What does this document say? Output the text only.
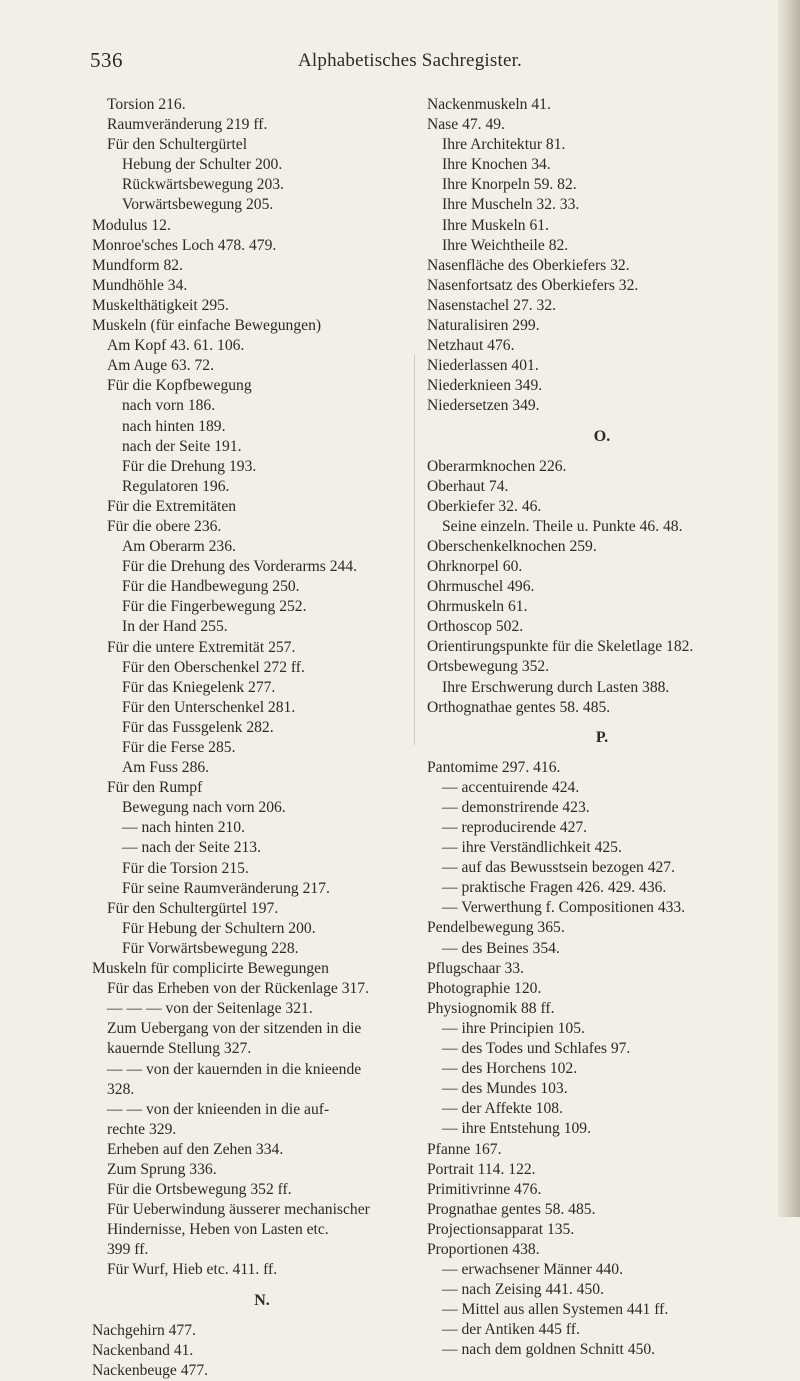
536	Alphabetisches Sachregister.
Torsion 216.
Raumveränderung 219 ff.
Für den Schultergürtel
Hebung der Schulter 200.
Rückwärtsbewegung 203.
Vorwärtsbewegung 205.
Modulus 12.
Monroe'sches Loch 478. 479.
Mundform 82.
Mundhöhle 34.
Muskelthätigkeit 295.
Muskeln (für einfache Bewegungen)
Am Kopf 43. 61. 106.
Am Auge 63. 72.
Für die Kopfbewegung
nach vorn 186.
nach hinten 189.
nach der Seite 191.
Für die Drehung 193.
Regulatoren 196.
Für die Extremitäten
Für die obere 236.
Am Oberarm 236.
Für die Drehung des Vorderarms 244.
Für die Handbewegung 250.
Für die Fingerbewegung 252.
In der Hand 255.
Für die untere Extremität 257.
Für den Oberschenkel 272 ff.
Für das Kniegelenk 277.
Für den Unterschenkel 281.
Für das Fussgelenk 282.
Für die Ferse 285.
Am Fuss 286.
Für den Rumpf
Bewegung nach vorn 206.
— nach hinten 210.
— nach der Seite 213.
Für die Torsion 215.
Für seine Raumveränderung 217.
Für den Schultergürtel 197.
Für Hebung der Schultern 200.
Für Vorwärtsbewegung 228.
Muskeln für complicirte Bewegungen
Für das Erheben von der Rückenlage 317.
— — — von der Seitenlage 321.
Zum Uebergang von der sitzenden in die
kauernde Stellung 327.
— — von der kauernden in die knieende
328.
— — von der knieenden in die auf-
rechte 329.
Erheben auf den Zehen 334.
Zum Sprung 336.
Für die Ortsbewegung 352 ff.
Für Ueberwindung äusserer mechanischer
Hindernisse, Heben von Lasten etc.
399 ff.
Für Wurf, Hieb etc. 411. ff.
N.
Nachgehirn 477.
Nackenband 41.
Nackenbeuge 477.
Nackenmuskeln 41.
Nase 47. 49.
Ihre Architektur 81.
Ihre Knochen 34.
Ihre Knorpeln 59. 82.
Ihre Muscheln 32. 33.
Ihre Muskeln 61.
Ihre Weichtheile 82.
Nasenfläche des Oberkiefers 32.
Nasenfortsatz des Oberkiefers 32.
Nasenstachel 27. 32.
Naturalisiren 299.
Netzhaut 476.
Niederlassen 401.
Niederknieen 349.
Niedersetzen 349.
O.
Oberarmknochen 226.
Oberhaut 74.
Oberkiefer 32. 46.
Seine einzeln. Theile u. Punkte 46. 48.
Oberschenkelknochen 259.
Ohrknorpel 60.
Ohrmuschel 496.
Ohrmuskeln 61.
Orthoscop 502.
Orientirungspunkte für die Skeletlage 182.
Ortsbewegung 352.
Ihre Erschwerung durch Lasten 388.
Orthognathae gentes 58. 485.
P.
Pantomime 297. 416.
— accentuirende 424.
— demonstrirende 423.
— reproducirende 427.
— ihre Verständlichkeit 425.
— auf das Bewusstsein bezogen 427.
— praktische Fragen 426. 429. 436.
— Verwerthung f. Compositionen 433.
Pendelbewegung 365.
— des Beines 354.
Pflugschaar 33.
Photographie 120.
Physiognomik 88 ff.
— ihre Principien 105.
— des Todes und Schlafes 97.
— des Horchens 102.
— des Mundes 103.
— der Affekte 108.
— ihre Entstehung 109.
Pfanne 167.
Portrait 114. 122.
Primitivrinne 476.
Prognathae gentes 58. 485.
Projectionsapparat 135.
Proportionen 438.
— erwachsener Männer 440.
— nach Zeising 441. 450.
— Mittel aus allen Systemen 441 ff.
— der Antiken 445 ff.
— nach dem goldnen Schnitt 450.
